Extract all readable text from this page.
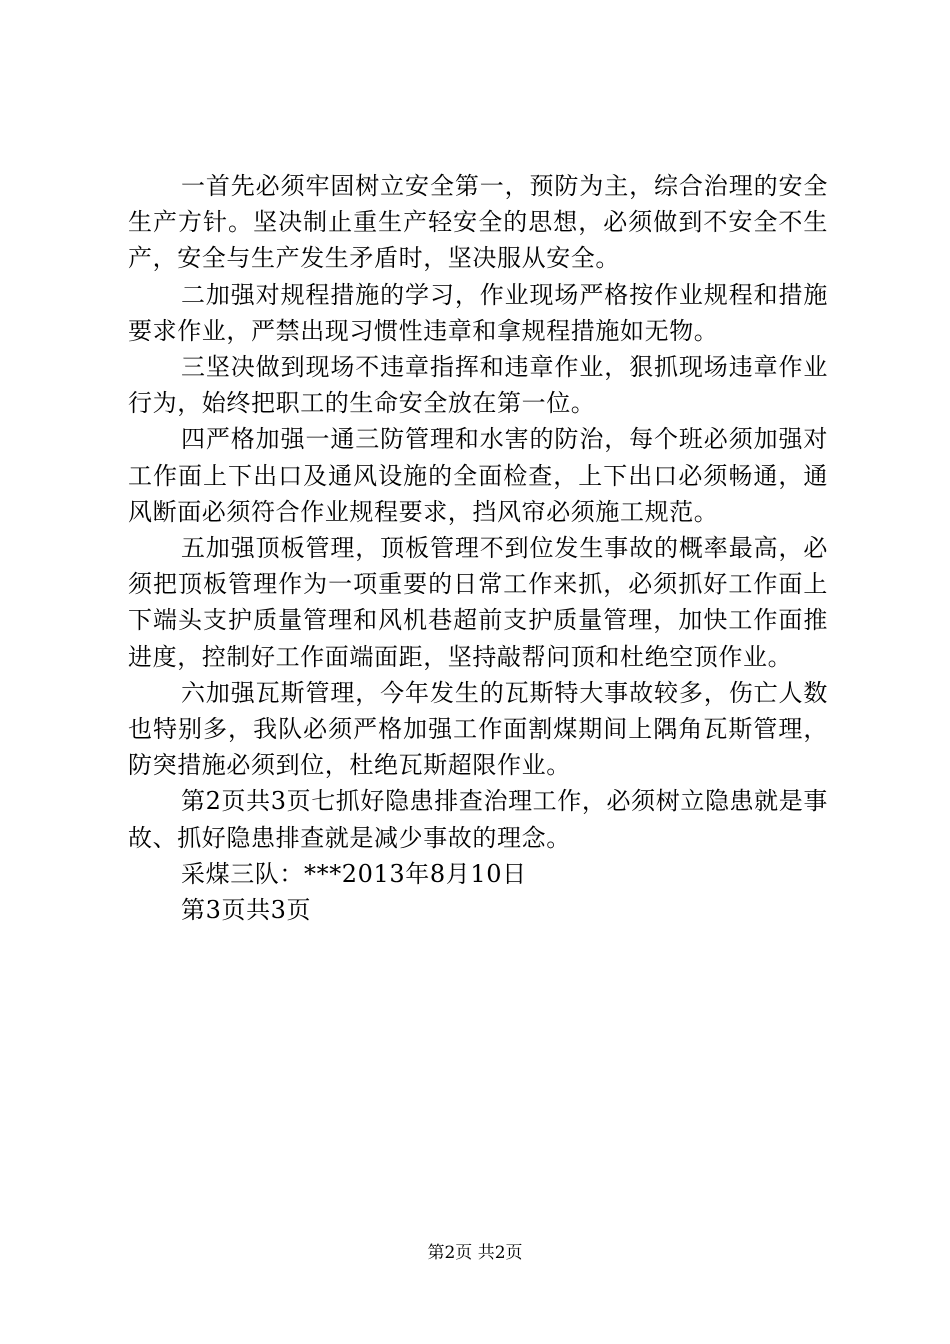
一首先必须牢固树立安全第一，预防为主，综合治理的安全生产方针。坚决制止重生产轻安全的思想，必须做到不安全不生产，安全与生产发生矛盾时，坚决服从安全。

二加强对规程措施的学习，作业现场严格按作业规程和措施要求作业，严禁出现习惯性违章和拿规程措施如无物。

三坚决做到现场不违章指挥和违章作业，狠抓现场违章作业行为，始终把职工的生命安全放在第一位。

四严格加强一通三防管理和水害的防治，每个班必须加强对工作面上下出口及通风设施的全面检查，上下出口必须畅通，通风断面必须符合作业规程要求，挡风帘必须施工规范。

五加强顶板管理，顶板管理不到位发生事故的概率最高，必须把顶板管理作为一项重要的日常工作来抓，必须抓好工作面上下端头支护质量管理和风机巷超前支护质量管理，加快工作面推进度，控制好工作面端面距，坚持敲帮问顶和杜绝空顶作业。

六加强瓦斯管理，今年发生的瓦斯特大事故较多，伤亡人数也特别多，我队必须严格加强工作面割煤期间上隅角瓦斯管理，防突措施必须到位，杜绝瓦斯超限作业。

第2页共3页七抓好隐患排查治理工作，必须树立隐患就是事故、抓好隐患排查就是减少事故的理念。

采煤三队：***2013年8月10日

第3页共3页

第2页 共2页
